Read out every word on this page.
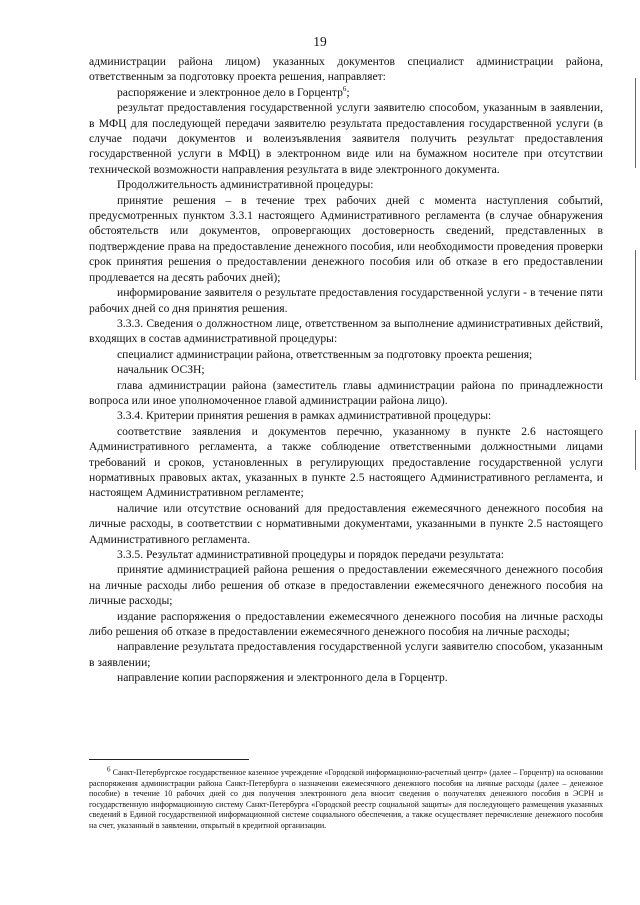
19

администрации района лицом) указанных документов специалист администрации района, ответственным за подготовку проекта решения, направляет:

распоряжение и электронное дело в Горцентр$^6$;

результат предоставления государственной услуги заявителю способом, указанным в заявлении, в МФЦ для последующей передачи заявителю результата предоставления государственной услуги (в случае подачи документов и волеизъявления заявителя получить результат предоставления государственной услуги в МФЦ) в электронном виде или на бумажном носителе при отсутствии технической возможности направления результата в виде электронного документа.

Продолжительность административной процедуры:

принятие решения – в течение трех рабочих дней с момента наступления событий, предусмотренных пунктом 3.3.1 настоящего Административного регламента (в случае обнаружения обстоятельств или документов, опровергающих достоверность сведений, представленных в подтверждение права на предоставление денежного пособия, или необходимости проведения проверки срок принятия решения о предоставлении денежного пособия или об отказе в его предоставлении продлевается на десять рабочих дней);

информирование заявителя о результате предоставления государственной услуги - в течение пяти рабочих дней со дня принятия решения.

3.3.3. Сведения о должностном лице, ответственном за выполнение административных действий, входящих в состав административной процедуры:

специалист администрации района, ответственным за подготовку проекта решения;

начальник ОСЗН;

глава администрации района (заместитель главы администрации района по принадлежности вопроса или иное уполномоченное главой администрации района лицо).

3.3.4. Критерии принятия решения в рамках административной процедуры:

соответствие заявления и документов перечню, указанному в пункте 2.6 настоящего Административного регламента, а также соблюдение ответственными должностными лицами требований и сроков, установленных в регулирующих предоставление государственной услуги нормативных правовых актах, указанных в пункте 2.5 настоящего Административного регламента, и настоящем Административном регламенте;

наличие или отсутствие оснований для предоставления ежемесячного денежного пособия на личные расходы, в соответствии с нормативными документами, указанными в пункте 2.5 настоящего Административного регламента.

3.3.5. Результат административной процедуры и порядок передачи результата:

принятие администрацией района решения о предоставлении ежемесячного денежного пособия на личные расходы либо решения об отказе в предоставлении ежемесячного денежного пособия на личные расходы;

издание распоряжения о предоставлении ежемесячного денежного пособия на личные расходы либо решения об отказе в предоставлении ежемесячного денежного пособия на личные расходы;

направление результата предоставления государственной услуги заявителю способом, указанным в заявлении;

направление копии распоряжения и электронного дела в Горцентр.

$^6$ Санкт-Петербургское государственное казенное учреждение «Городской информационно-расчетный центр» (далее – Горцентр) на основании распоряжения администрации района Санкт-Петербурга о назначении ежемесячного денежного пособия на личные расходы (далее – денежное пособие) в течение 10 рабочих дней со дня получения электронного дела вносит сведения о получателях денежного пособия в ЭСРН и государственную информационную систему Санкт-Петербурга «Городской реестр социальной защиты» для последующего размещения указанных сведений в Единой государственной информационной системе социального обеспечения, а также осуществляет перечисление денежного пособия на счет, указанный в заявлении, открытый в кредитной организации.
